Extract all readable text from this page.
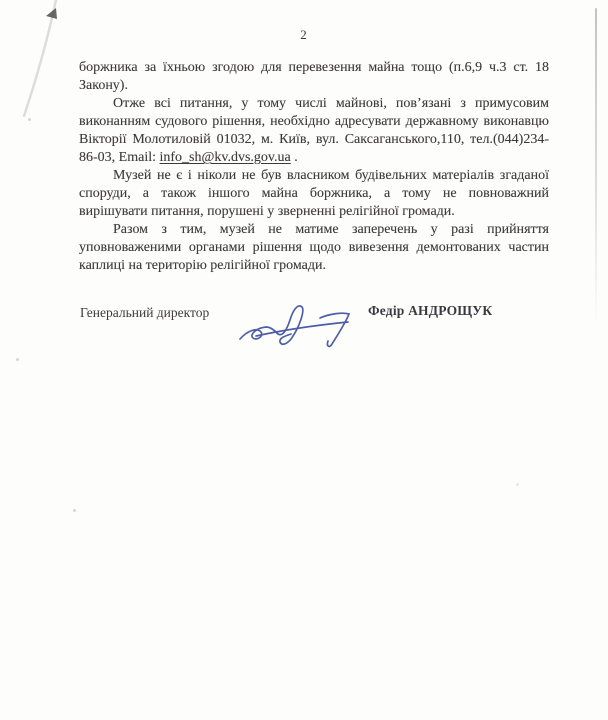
2
боржника за їхньою згодою для перевезення майна тощо (п.6,9 ч.3 ст. 18
Закону).
Отже всі питання, у тому числі майнові, пов’язані з примусовим
виконанням судового рішення, необхідно адресувати державному виконавцю
Вікторії Молотиловій 01032, м. Київ, вул. Саксаганського,110, тел.(044)234-
86-03, Email: info_sh@kv.dvs.gov.ua .
Музей не є і ніколи не був власником будівельних матеріалів згаданої
споруди, а також іншого майна боржника, а тому не повноважний
вирішувати питання, порушені у зверненні релігійної громади.
Разом з тим, музей не матиме заперечень у разі прийняття
уповноваженими органами рішення щодо вивезення демонтованих частин
каплиці на територію релігійної громади.
Генеральний директор	Федір АНДРОЩУК
